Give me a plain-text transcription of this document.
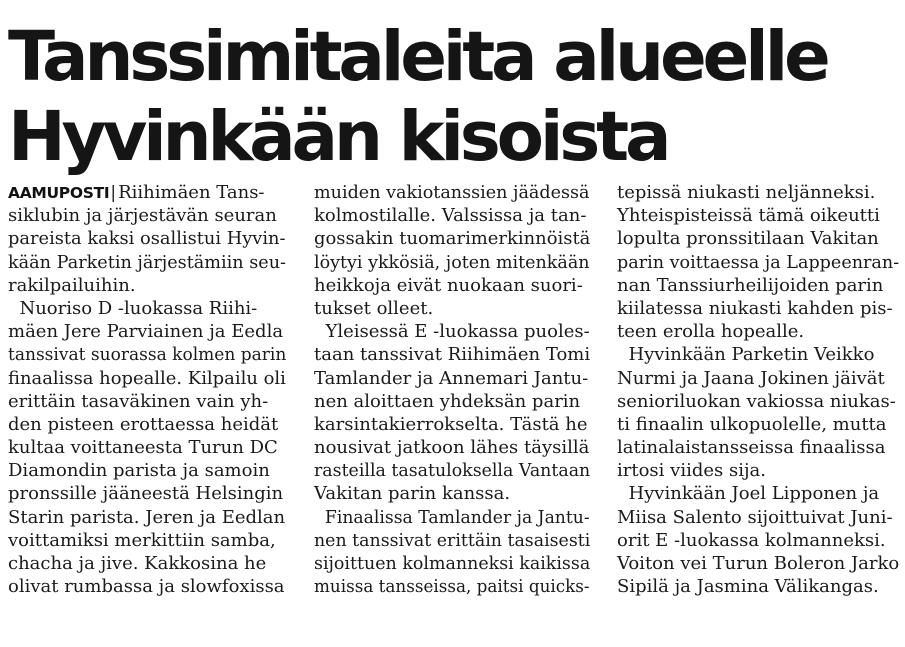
Tanssimitaleita alueelle
Hyvinkään kisoista
AAMUPOSTI| Riihimäen Tans-
siklubin ja järjestävän seuran
pareista kaksi osallistui Hyvin-
kään Parketin järjestämiin seu-
rakilpailuihin.
Nuoriso D -luokassa Riihi-
mäen Jere Parviainen ja Eedla
tanssivat suorassa kolmen parin
finaalissa hopealle. Kilpailu oli
erittäin tasaväkinen vain yh-
den pisteen erottaessa heidät
kultaa voittaneesta Turun DC
Diamondin parista ja samoin
pronssille jääneestä Helsingin
Starin parista. Jeren ja Eedlan
voittamiksi merkittiin samba,
chacha ja jive. Kakkosina he
olivat rumbassa ja slowfoxissa
muiden vakiotanssien jäädessä
kolmostilalle. Valssissa ja tan-
gossakin tuomarimerkinnöistä
löytyi ykkösiä, joten mitenkään
heikkoja eivät nuokaan suori-
tukset olleet.
Yleisessä E -luokassa puoles-
taan tanssivat Riihimäen Tomi
Tamlander ja Annemari Jantu-
nen aloittaen yhdeksän parin
karsintakierrokselta. Tästä he
nousivat jatkoon lähes täysillä
rasteilla tasatuloksella Vantaan
Vakitan parin kanssa.
Finaalissa Tamlander ja Jantu-
nen tanssivat erittäin tasaisesti
sijoittuen kolmanneksi kaikissa
muissa tansseissa, paitsi quicks-
tepissä niukasti neljänneksi.
Yhteispisteissä tämä oikeutti
lopulta pronssitilaan Vakitan
parin voittaessa ja Lappeenran-
nan Tanssiurheilijoiden parin
kiilatessa niukasti kahden pis-
teen erolla hopealle.
Hyvinkään Parketin Veikko
Nurmi ja Jaana Jokinen jäivät
senioriluokan vakiossa niukas-
ti finaalin ulkopuolelle, mutta
latinalaistansseissa finaalissa
irtosi viides sija.
Hyvinkään Joel Lipponen ja
Miisa Salento sijoittuivat Juni-
orit E -luokassa kolmanneksi.
Voiton vei Turun Boleron Jarko
Sipilä ja Jasmina Välikangas.
